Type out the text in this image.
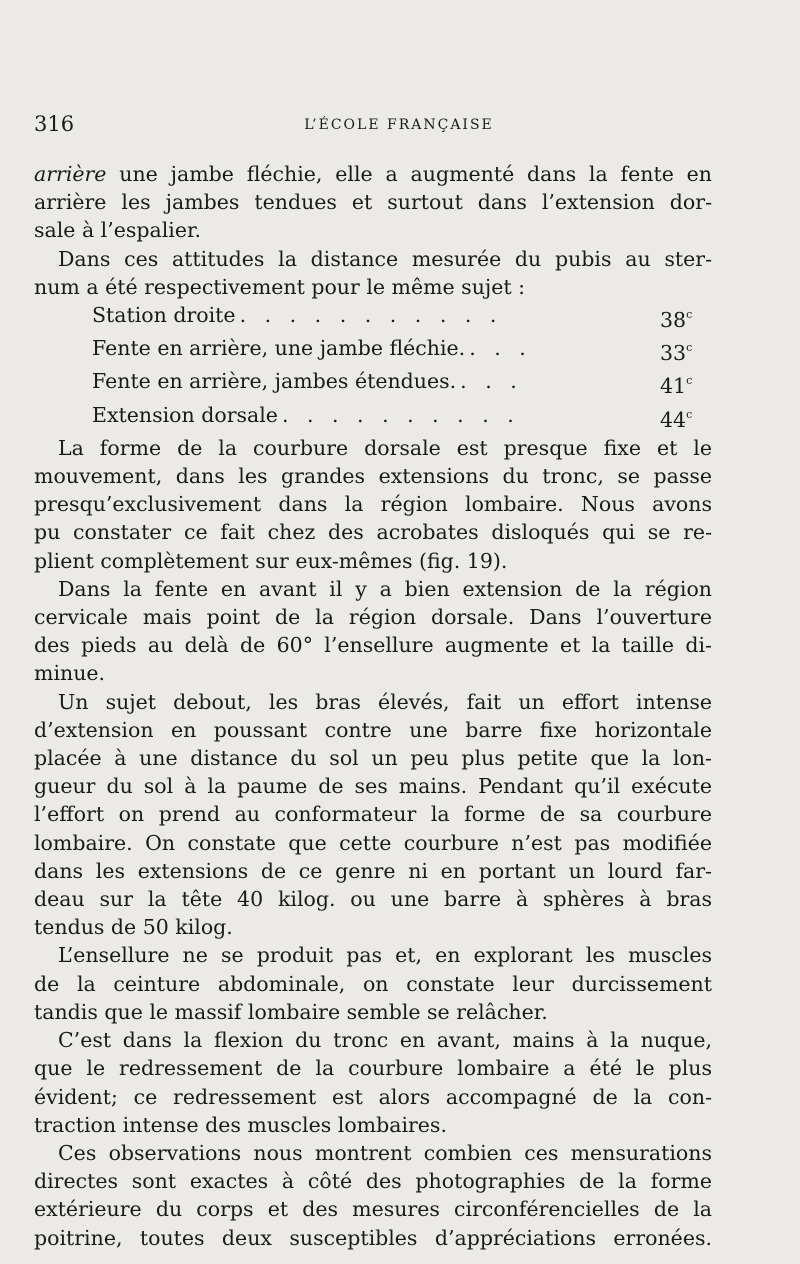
316	L’ÉCOLE FRANÇAISE

arrière une jambe fléchie, elle a augmenté dans la fente en
arrière les jambes tendues et surtout dans l’extension dor-
sale à l’espalier.

Dans ces attitudes la distance mesurée du pubis au ster-
num a été respectivement pour le même sujet :

Station droite . . . . . . . . . . .	38$^c$
Fente en arrière, une jambe fléchie. . . .	33$^c$
Fente en arrière, jambes étendues. . . .	41$^c$
Extension dorsale . . . . . . . . . .	44$^c$

La forme de la courbure dorsale est presque fixe et le
mouvement, dans les grandes extensions du tronc, se passe
presqu’exclusivement dans la région lombaire. Nous avons
pu constater ce fait chez des acrobates disloqués qui se re-
plient complètement sur eux-mêmes (fig. 19).

Dans la fente en avant il y a bien extension de la région
cervicale mais point de la région dorsale. Dans l’ouverture
des pieds au delà de 60° l’ensellure augmente et la taille di-
minue.

Un sujet debout, les bras élevés, fait un effort intense
d’extension en poussant contre une barre fixe horizontale
placée à une distance du sol un peu plus petite que la lon-
gueur du sol à la paume de ses mains. Pendant qu’il exécute
l’effort on prend au conformateur la forme de sa courbure
lombaire. On constate que cette courbure n’est pas modifiée
dans les extensions de ce genre ni en portant un lourd far-
deau sur la tête 40 kilog. ou une barre à sphères à bras
tendus de 50 kilog.

L’ensellure ne se produit pas et, en explorant les muscles
de la ceinture abdominale, on constate leur durcissement
tandis que le massif lombaire semble se relâcher.

C’est dans la flexion du tronc en avant, mains à la nuque,
que le redressement de la courbure lombaire a été le plus
évident; ce redressement est alors accompagné de la con-
traction intense des muscles lombaires.

Ces observations nous montrent combien ces mensurations
directes sont exactes à côté des photographies de la forme
extérieure du corps et des mesures circonférencielles de la
poitrine, toutes deux susceptibles d’appréciations erronées.
